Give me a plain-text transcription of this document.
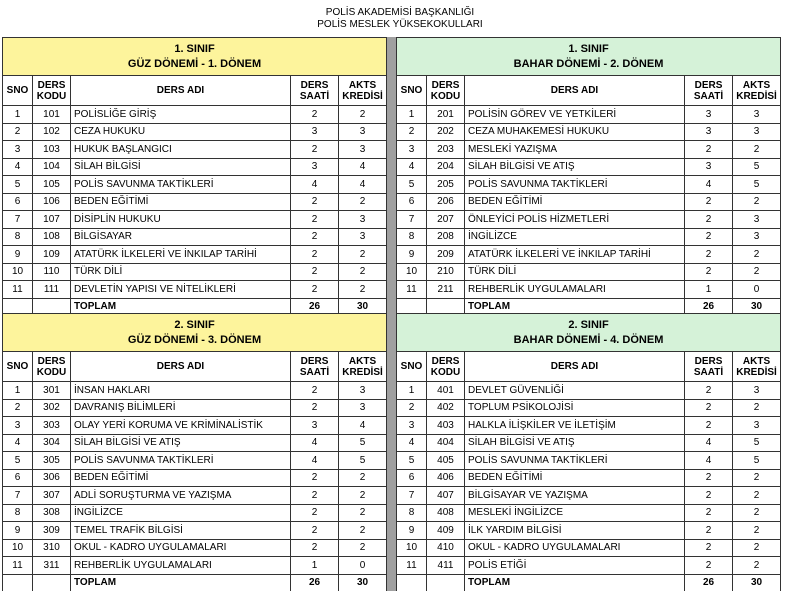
POLİS AKADEMİSİ BAŞKANLIĞI
POLİS MESLEK YÜKSEKOKULLARI
1. SINIF
GÜZ DÖNEMİ - 1. DÖNEM				

SNO	DERS KODU	DERS ADI	DERS SAATİ	AKTS KREDİSİ
1	101	POLİSLİĞE GİRİŞ	2	2
2	102	CEZA HUKUKU	3	3
3	103	HUKUK BAŞLANGICI	2	3
4	104	SİLAH BİLGİSİ	3	4
5	105	POLİS SAVUNMA TAKTİKLERİ	4	4
6	106	BEDEN EĞİTİMİ	2	2
7	107	DİSİPLİN HUKUKU	2	3
8	108	BİLGİSAYAR	2	3
9	109	ATATÜRK İLKELERİ VE İNKILAP TARİHİ	2	2
10	110	TÜRK DİLİ	2	2
11	111	DEVLETİN YAPISI VE NİTELİKLERİ	2	2
		TOPLAM	26	30
1. SINIF
BAHAR DÖNEMİ - 2. DÖNEM				

SNO	DERS KODU	DERS ADI	DERS SAATİ	AKTS KREDİSİ
1	201	POLİSİN GÖREV VE YETKİLERİ	3	3
2	202	CEZA MUHAKEMESİ HUKUKU	3	3
3	203	MESLEKİ YAZIŞMA	2	2
4	204	SİLAH BİLGİSİ VE ATIŞ	3	5
5	205	POLİS SAVUNMA TAKTİKLERİ	4	5
6	206	BEDEN EĞİTİMİ	2	2
7	207	ÖNLEYİCİ POLİS HİZMETLERİ	2	3
8	208	İNGİLİZCE	2	3
9	209	ATATÜRK İLKELERİ VE İNKILAP TARİHİ	2	2
10	210	TÜRK DİLİ	2	2
11	211	REHBERLİK UYGULAMALARI	1	0
		TOPLAM	26	30
2. SINIF
GÜZ DÖNEMİ - 3. DÖNEM				

SNO	DERS KODU	DERS ADI	DERS SAATİ	AKTS KREDİSİ
1	301	İNSAN HAKLARI	2	3
2	302	DAVRANIŞ BİLİMLERİ	2	3
3	303	OLAY YERİ KORUMA VE KRİMİNALİSTİK	3	4
4	304	SİLAH BİLGİSİ VE ATIŞ	4	5
5	305	POLİS SAVUNMA TAKTİKLERİ	4	5
6	306	BEDEN EĞİTİMİ	2	2
7	307	ADLİ SORUŞTURMA VE YAZIŞMA	2	2
8	308	İNGİLİZCE	2	2
9	309	TEMEL TRAFİK BİLGİSİ	2	2
10	310	OKUL - KADRO UYGULAMALARI	2	2
11	311	REHBERLİK UYGULAMALARI	1	0
		TOPLAM	26	30
2. SINIF
BAHAR DÖNEMİ - 4. DÖNEM				

SNO	DERS KODU	DERS ADI	DERS SAATİ	AKTS KREDİSİ
1	401	DEVLET GÜVENLİĞİ	2	3
2	402	TOPLUM PSİKOLOJİSİ	2	2
3	403	HALKLA İLİŞKİLER VE İLETİŞİM	2	3
4	404	SİLAH BİLGİSİ VE ATIŞ	4	5
5	405	POLİS SAVUNMA TAKTİKLERİ	4	5
6	406	BEDEN EĞİTİMİ	2	2
7	407	BİLGİSAYAR VE YAZIŞMA	2	2
8	408	MESLEKİ İNGİLİZCE	2	2
9	409	İLK YARDIM BİLGİSİ	2	2
10	410	OKUL - KADRO UYGULAMALARI	2	2
11	411	POLİS ETİĞİ	2	2
		TOPLAM	26	30
